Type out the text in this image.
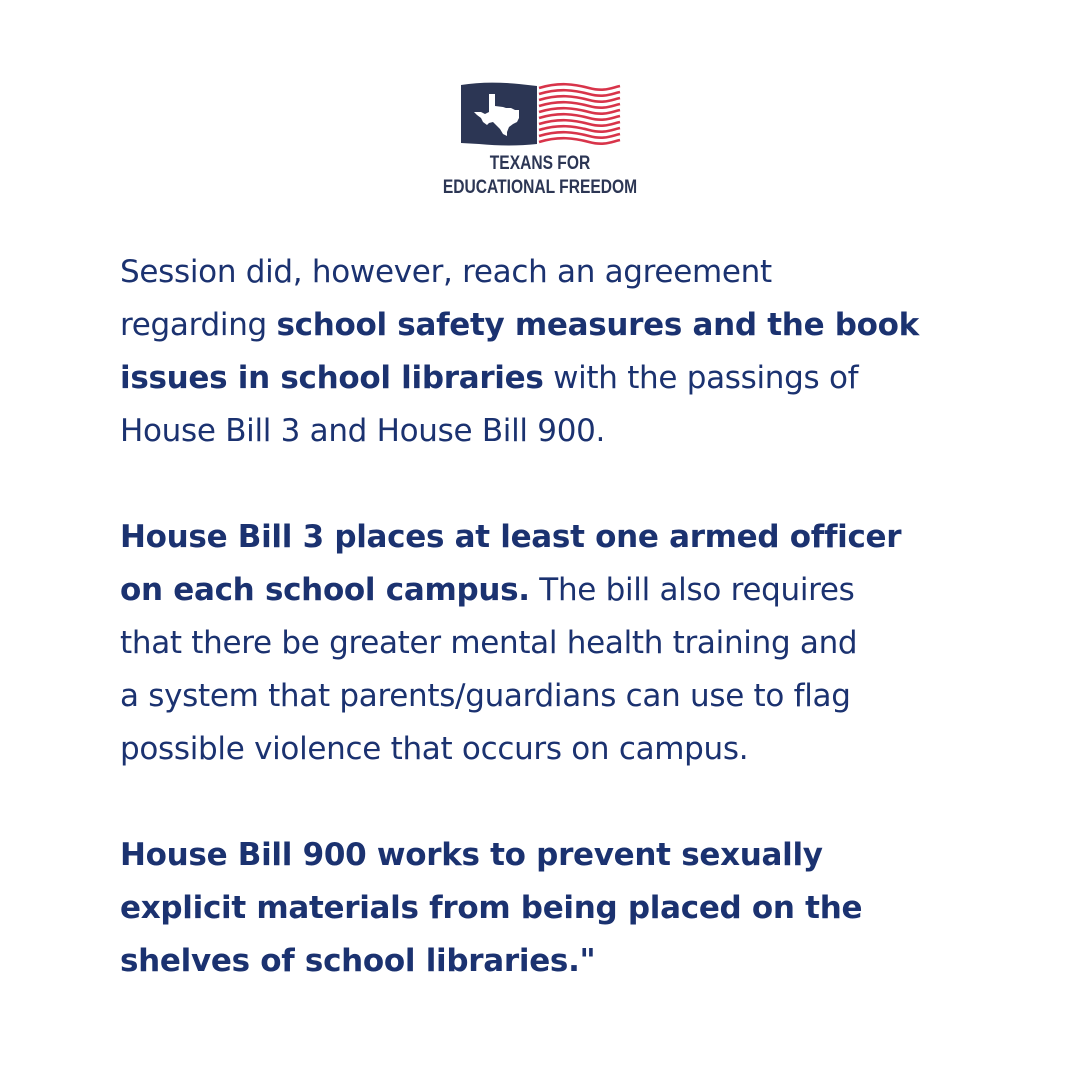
TEXANS FOR
EDUCATIONAL FREEDOM

Session did, however, reach an agreement

regarding school safety measures and the book

issues in school libraries with the passings of

House Bill 3 and House Bill 900.

House Bill 3 places at least one armed officer

on each school campus. The bill also requires

that there be greater mental health training and

a system that parents/guardians can use to flag

possible violence that occurs on campus.

House Bill 900 works to prevent sexually

explicit materials from being placed on the

shelves of school libraries."
